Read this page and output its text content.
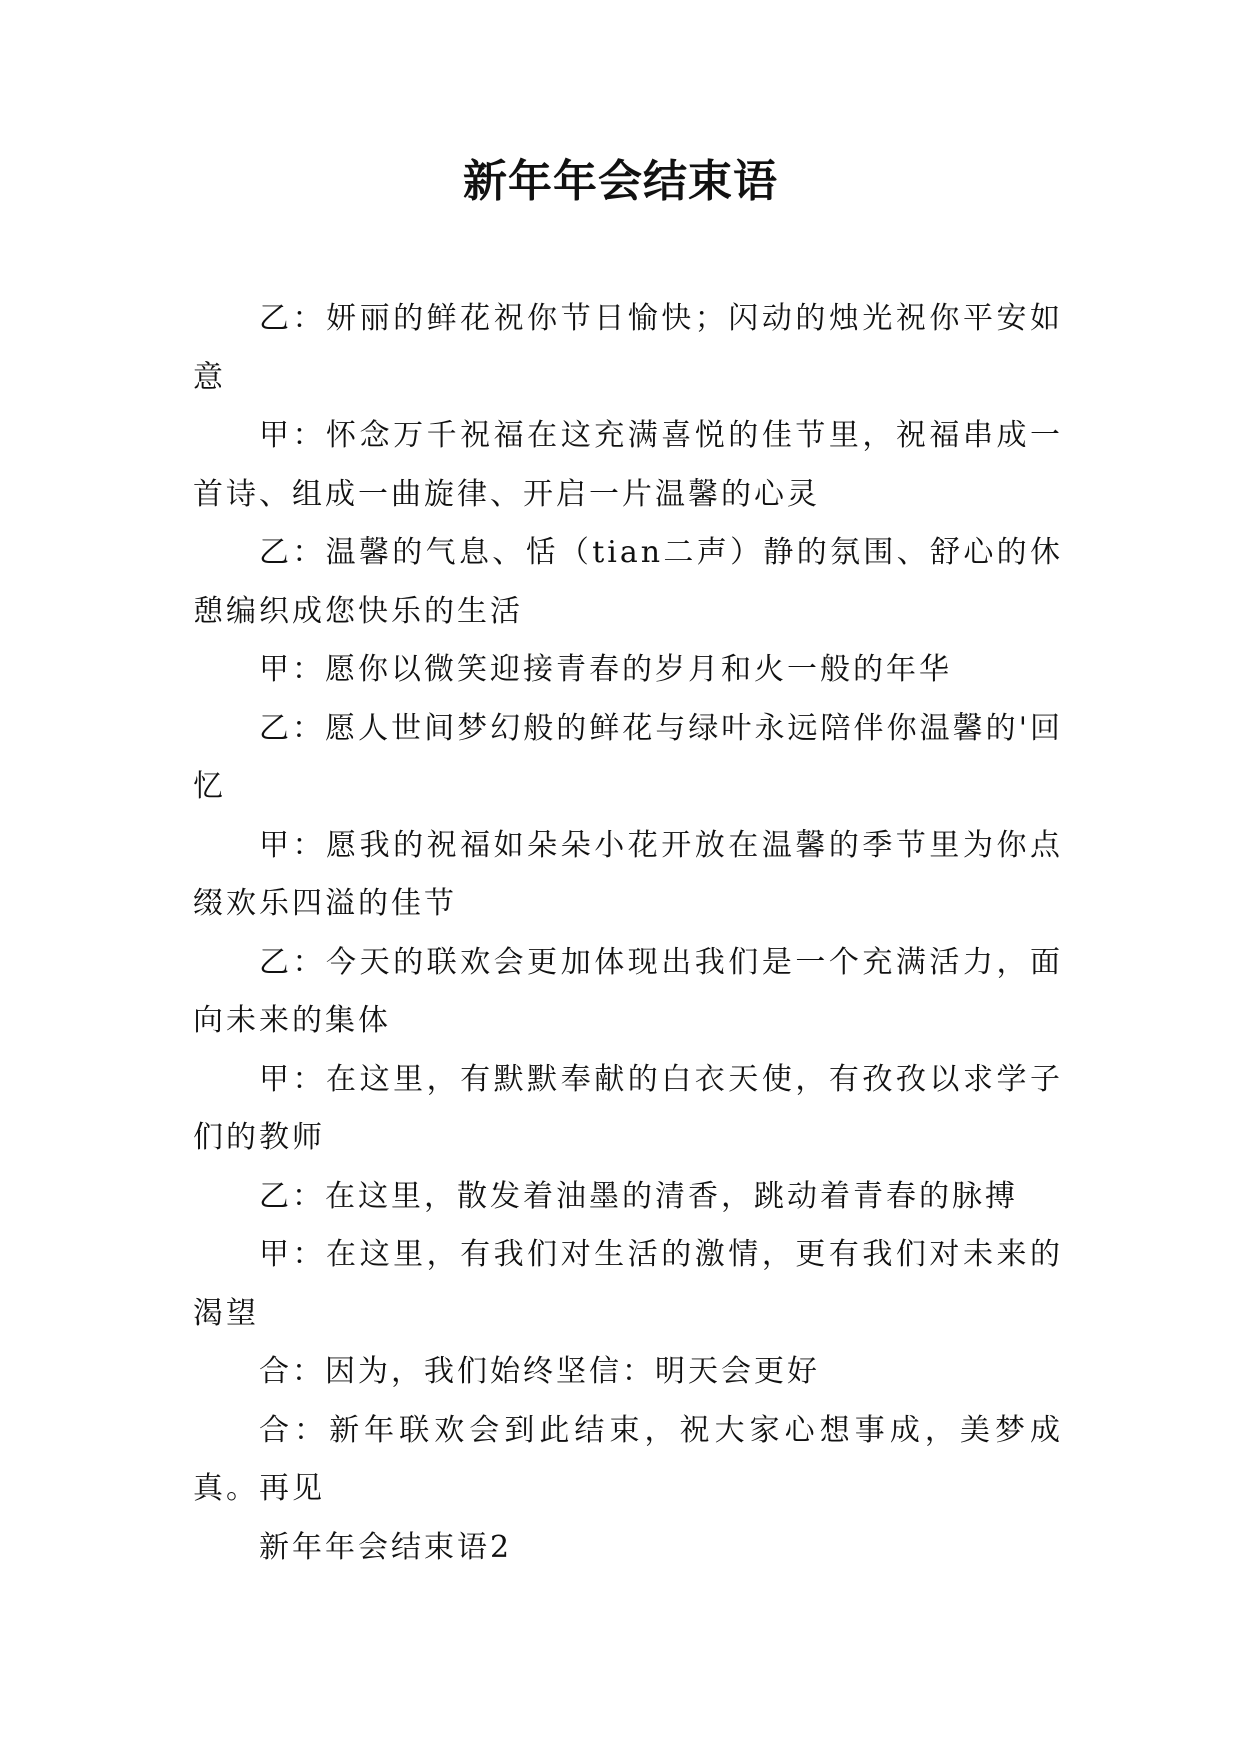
新年年会结束语

乙：妍丽的鲜花祝你节日愉快；闪动的烛光祝你平安如意

甲：怀念万千祝福在这充满喜悦的佳节里，祝福串成一首诗、组成一曲旋律、开启一片温馨的心灵

乙：温馨的气息、恬（tian二声）静的氛围、舒心的休憩编织成您快乐的生活

甲：愿你以微笑迎接青春的岁月和火一般的年华

乙：愿人世间梦幻般的鲜花与绿叶永远陪伴你温馨的'回忆

甲：愿我的祝福如朵朵小花开放在温馨的季节里为你点缀欢乐四溢的佳节

乙：今天的联欢会更加体现出我们是一个充满活力，面向未来的集体

甲：在这里，有默默奉献的白衣天使，有孜孜以求学子们的教师

乙：在这里，散发着油墨的清香，跳动着青春的脉搏

甲：在这里，有我们对生活的激情，更有我们对未来的渴望

合：因为，我们始终坚信：明天会更好

合：新年联欢会到此结束，祝大家心想事成，美梦成真。再见

新年年会结束语2
